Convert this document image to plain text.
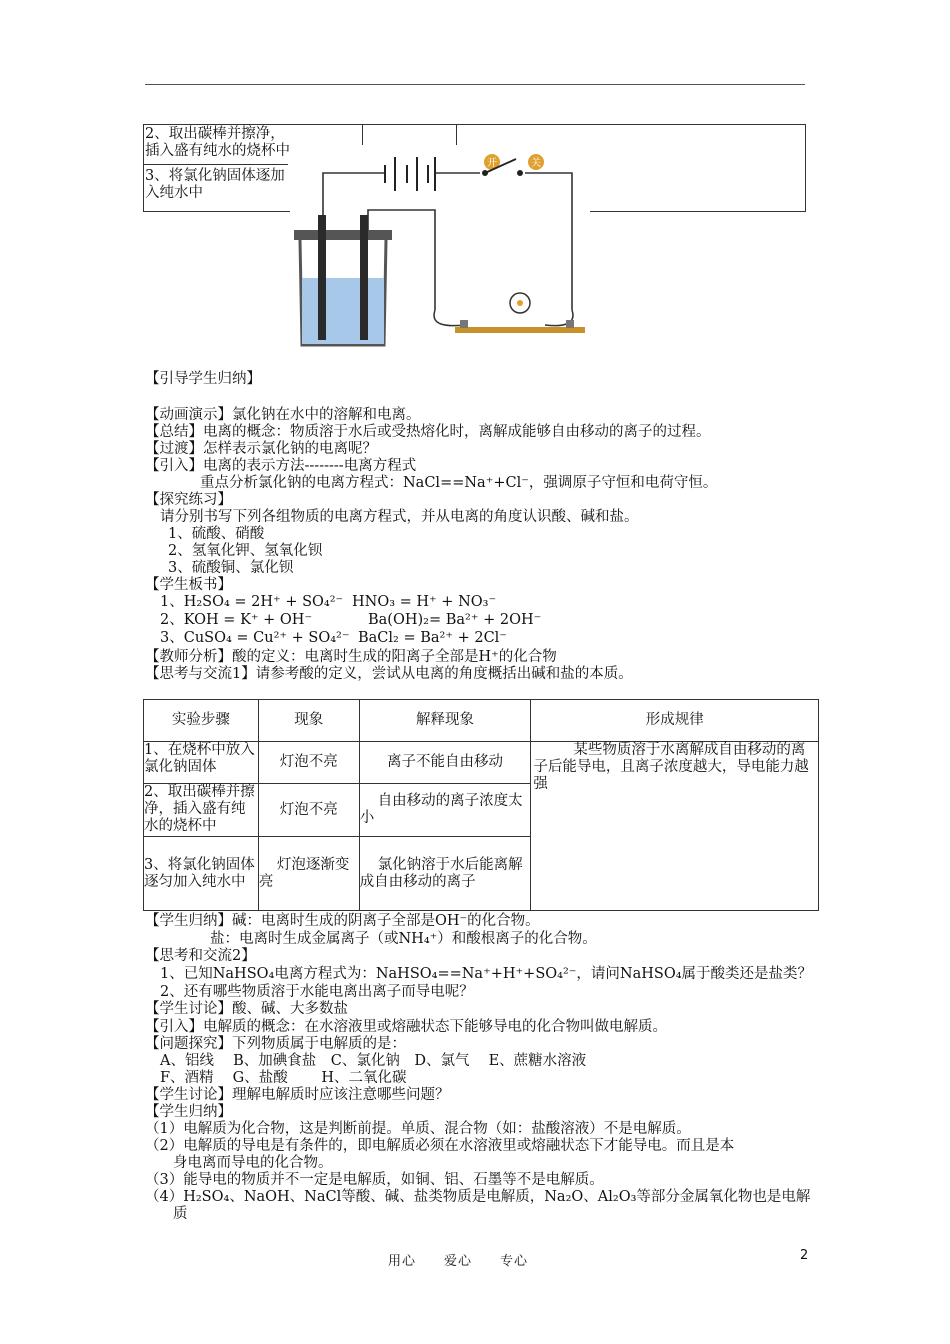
2、取出碳棒并擦净，插入盛有纯水的烧杯中
3、将氯化钠固体逐加入纯水中
开	关
【引导学生归纳】
【动画演示】氯化钠在水中的溶解和电离。
【总结】电离的概念：物质溶于水后或受热熔化时，离解成能够自由移动的离子的过程。
【过渡】怎样表示氯化钠的电离呢？
【引入】电离的表示方法--------电离方程式
重点分析氯化钠的电离方程式：NaCl==Na⁺+Cl⁻，强调原子守恒和电荷守恒。
【探究练习】
请分别书写下列各组物质的电离方程式，并从电离的角度认识酸、碱和盐。
1、硫酸、硝酸
2、氢氧化钾、氢氧化钡
3、硫酸铜、氯化钡
【学生板书】
1、H₂SO₄ = 2H⁺ + SO₄²⁻ HNO₃ = H⁺ + NO₃⁻
2、KOH = K⁺ + OH⁻	Ba(OH)₂= Ba²⁺ + 2OH⁻
3、CuSO₄ = Cu²⁺ + SO₄²⁻ BaCl₂ = Ba²⁺ + 2Cl⁻
【教师分析】酸的定义：电离时生成的阳离子全部是H⁺的化合物
【思考与交流1】请参考酸的定义，尝试从电离的角度概括出碱和盐的本质。
实验步骤	现象	解释现象	形成规律
1、在烧杯中放入氯化钠固体	灯泡不亮	离子不能自由移动	某些物质溶于水离解成自由移动的离子后能导电，且离子浓度越大，导电能力越强
2、取出碳棒并擦净，插入盛有纯水的烧杯中	灯泡不亮	自由移动的离子浓度太小	
3、将氯化钠固体逐匀加入纯水中	灯泡逐渐变亮	氯化钠溶于水后能离解成自由移动的离子	
【学生归纳】碱：电离时生成的阴离子全部是OH⁻的化合物。
盐：电离时生成金属离子（或NH₄⁺）和酸根离子的化合物。
【思考和交流2】
1、已知NaHSO₄电离方程式为：NaHSO₄==Na⁺+H⁺+SO₄²⁻，请问NaHSO₄属于酸类还是盐类？
2、还有哪些物质溶于水能电离出离子而导电呢？
【学生讨论】酸、碱、大多数盐
【引入】电解质的概念：在水溶液里或熔融状态下能够导电的化合物叫做电解质。
【问题探究】下列物质属于电解质的是：
A、铝线　 B、加碘食盐　C、氯化钠　D、氯气　 E、蔗糖水溶液
F、酒精　 G、盐酸　　 H、二氧化碳
【学生讨论】理解电解质时应该注意哪些问题？
【学生归纳】
（1）电解质为化合物，这是判断前提。单质、混合物（如：盐酸溶液）不是电解质。
（2）电解质的导电是有条件的，即电解质必须在水溶液里或熔融状态下才能导电。而且是本
身电离而导电的化合物。
（3）能导电的物质并不一定是电解质，如铜、铝、石墨等不是电解质。
（4）H₂SO₄、NaOH、NaCl等酸、碱、盐类物质是电解质，Na₂O、Al₂O₃等部分金属氧化物也是电解
质
用心　　爱心　　专心	2
